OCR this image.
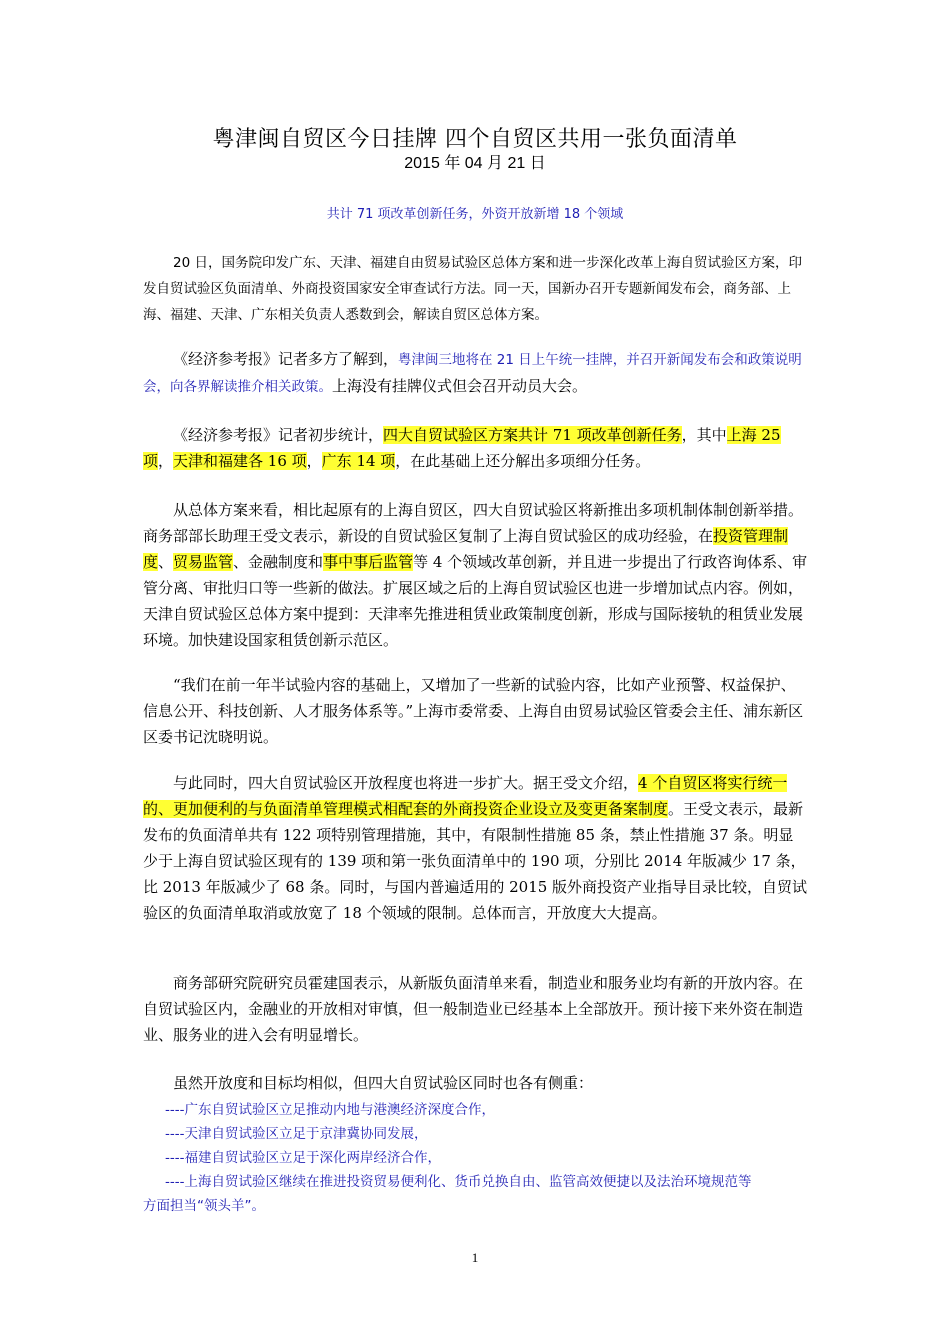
粤津闽自贸区今日挂牌 四个自贸区共用一张负面清单
2015 年 04 月 21 日
共计 71 项改革创新任务，外资开放新增 18 个领域
20 日，国务院印发广东、天津、福建自由贸易试验区总体方案和进一步深化改革上海自贸试验区方案，印发自贸试验区负面清单、外商投资国家安全审查试行方法。同一天，国新办召开专题新闻发布会，商务部、上海、福建、天津、广东相关负责人悉数到会，解读自贸区总体方案。
《经济参考报》记者多方了解到，粤津闽三地将在 21 日上午统一挂牌，并召开新闻发布会和政策说明会，向各界解读推介相关政策。上海没有挂牌仪式但会召开动员大会。
《经济参考报》记者初步统计，四大自贸试验区方案共计 71 项改革创新任务，其中上海 25 项，天津和福建各 16 项，广东 14 项，在此基础上还分解出多项细分任务。
从总体方案来看，相比起原有的上海自贸区，四大自贸试验区将新推出多项机制体制创新举措。商务部部长助理王受文表示，新设的自贸试验区复制了上海自贸试验区的成功经验，在投资管理制度、贸易监管、金融制度和事中事后监管等 4 个领域改革创新，并且进一步提出了行政咨询体系、审管分离、审批归口等一些新的做法。扩展区域之后的上海自贸试验区也进一步增加试点内容。例如，天津自贸试验区总体方案中提到：天津率先推进租赁业政策制度创新，形成与国际接轨的租赁业发展环境。加快建设国家租赁创新示范区。
“我们在前一年半试验内容的基础上，又增加了一些新的试验内容，比如产业预警、权益保护、信息公开、科技创新、人才服务体系等。”上海市委常委、上海自由贸易试验区管委会主任、浦东新区区委书记沈晓明说。
与此同时，四大自贸试验区开放程度也将进一步扩大。据王受文介绍，4 个自贸区将实行统一的、更加便利的与负面清单管理模式相配套的外商投资企业设立及变更备案制度。王受文表示，最新发布的负面清单共有 122 项特别管理措施，其中，有限制性措施 85 条，禁止性措施 37 条。明显少于上海自贸试验区现有的 139 项和第一张负面清单中的 190 项，分别比 2014 年版减少 17 条，比 2013 年版减少了 68 条。同时，与国内普遍适用的 2015 版外商投资产业指导目录比较，自贸试验区的负面清单取消或放宽了 18 个领域的限制。总体而言，开放度大大提高。
商务部研究院研究员霍建国表示，从新版负面清单来看，制造业和服务业均有新的开放内容。在自贸试验区内，金融业的开放相对审慎，但一般制造业已经基本上全部放开。预计接下来外资在制造业、服务业的进入会有明显增长。
虽然开放度和目标均相似，但四大自贸试验区同时也各有侧重：
----广东自贸试验区立足推动内地与港澳经济深度合作，
----天津自贸试验区立足于京津冀协同发展，
----福建自贸试验区立足于深化两岸经济合作，
----上海自贸试验区继续在推进投资贸易便利化、货币兑换自由、监管高效便捷以及法治环境规范等
方面担当“领头羊”。
1
